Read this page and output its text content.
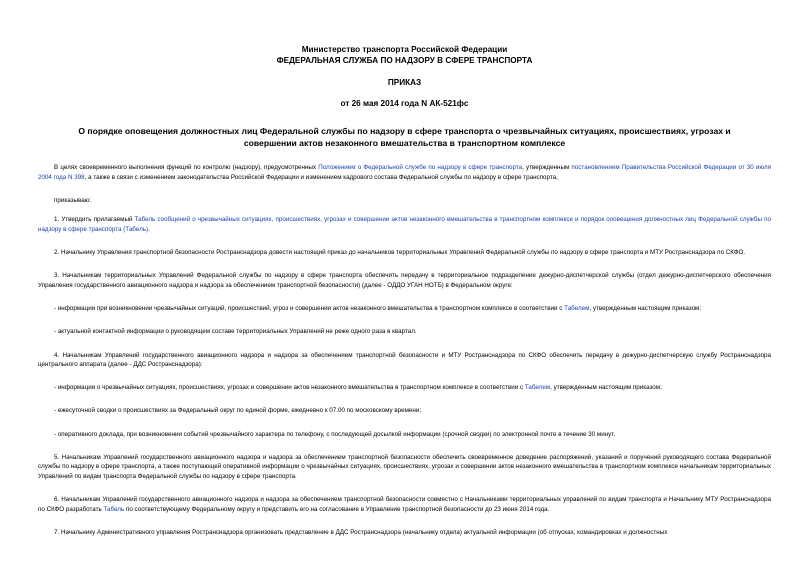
Министерство транспорта Российской Федерации
ФЕДЕРАЛЬНАЯ СЛУЖБА ПО НАДЗОРУ В СФЕРЕ ТРАНСПОРТА
ПРИКАЗ
от 26 мая 2014 года N АК-521фс
О порядке оповещения должностных лиц Федеральной службы по надзору в сфере транспорта о чрезвычайных ситуациях, происшествиях, угрозах и совершении актов незаконного вмешательства в транспортном комплексе

В целях своевременного выполнения функций по контролю (надзору), предусмотренных Положением о Федеральной службе по надзору в сфере транспорта, утвержденным постановлением Правительства Российской Федерации от 30 июля 2004 года N 398, а также в связи с изменением законодательства Российской Федерации и изменением кадрового состава Федеральной службы по надзору в сфере транспорта,

приказываю:

1. Утвердить прилагаемый Табель сообщений о чрезвычайных ситуациях, происшествиях, угрозах и совершении актов незаконного вмешательства в транспортном комплексе и порядок оповещения должностных лиц Федеральной службы по надзору в сфере транспорта (Табель).

2. Начальнику Управления транспортной безопасности Ространснадзора довести настоящий приказ до начальников территориальных Управлений Федеральной службы по надзору в сфере транспорта и МТУ Ространснадзора по СКФО.

3. Начальникам территориальных Управлений Федеральной службы по надзору в сфере транспорта обеспечить передачу в территориальное подразделение дежурно-диспетчерской службы (отдел дежурно-диспетчерского обеспечения Управления государственного авиационного надзора и надзора за обеспечением транспортной безопасности) (далее - ОДДО УГАН НОТБ) в Федеральном округе:

- информации при возникновении чрезвычайных ситуаций, происшествий, угроз и совершении актов незаконного вмешательства в транспортном комплексе в соответствии с Табелем, утвержденным настоящим приказом;

- актуальной контактной информации о руководящем составе территориальных Управлений не реже одного раза в квартал.

4. Начальникам Управлений государственного авиационного надзора и надзора за обеспечением транспортной безопасности и МТУ Ространснадзора по СКФО обеспечить передачу в дежурно-диспетчерскую службу Ространснадзора центрального аппарата (далее - ДДС Ространснадзора):

- информации о чрезвычайных ситуациях, происшествиях, угрозах и совершении актов незаконного вмешательства в транспортном комплексе в соответствии с Табелем, утвержденным настоящим приказом;

- ежесуточной сводки о происшествиях за Федеральный округ по единой форме, ежедневно к 07.00 по московскому времени;

- оперативного доклада, при возникновении событий чрезвычайного характера по телефону, с последующей досылкой информации (срочной сводки) по электронной почте в течение 30 минут.

5. Начальникам Управлений государственного авиационного надзора и надзора за обеспечением транспортной безопасности обеспечить своевременное доведение распоряжений, указаний и поручений руководящего состава Федеральной службы по надзору в сфере транспорта, а также поступающей оперативной информации о чрезвычайных ситуациях, происшествиях, угрозах и совершении актов незаконного вмешательства в транспортном комплексе начальникам территориальных Управлений по видам транспорта Федеральной службы по надзору в сфере транспорта.

6. Начальникам Управлений государственного авиационного надзора и надзора за обеспечением транспортной безопасности совместно с Начальниками территориальных управлений по видам транспорта и Начальнику МТУ Ространснадзора по СКФО разработать Табель по соответствующему Федеральному округу и представить его на согласование в Управление транспортной безопасности до 23 июня 2014 года.

7. Начальнику Административного управления Ространснадзора организовать представление в ДДС Ространснадзора (начальнику отдела) актуальной информации (об отпусках, командировках и должностных
